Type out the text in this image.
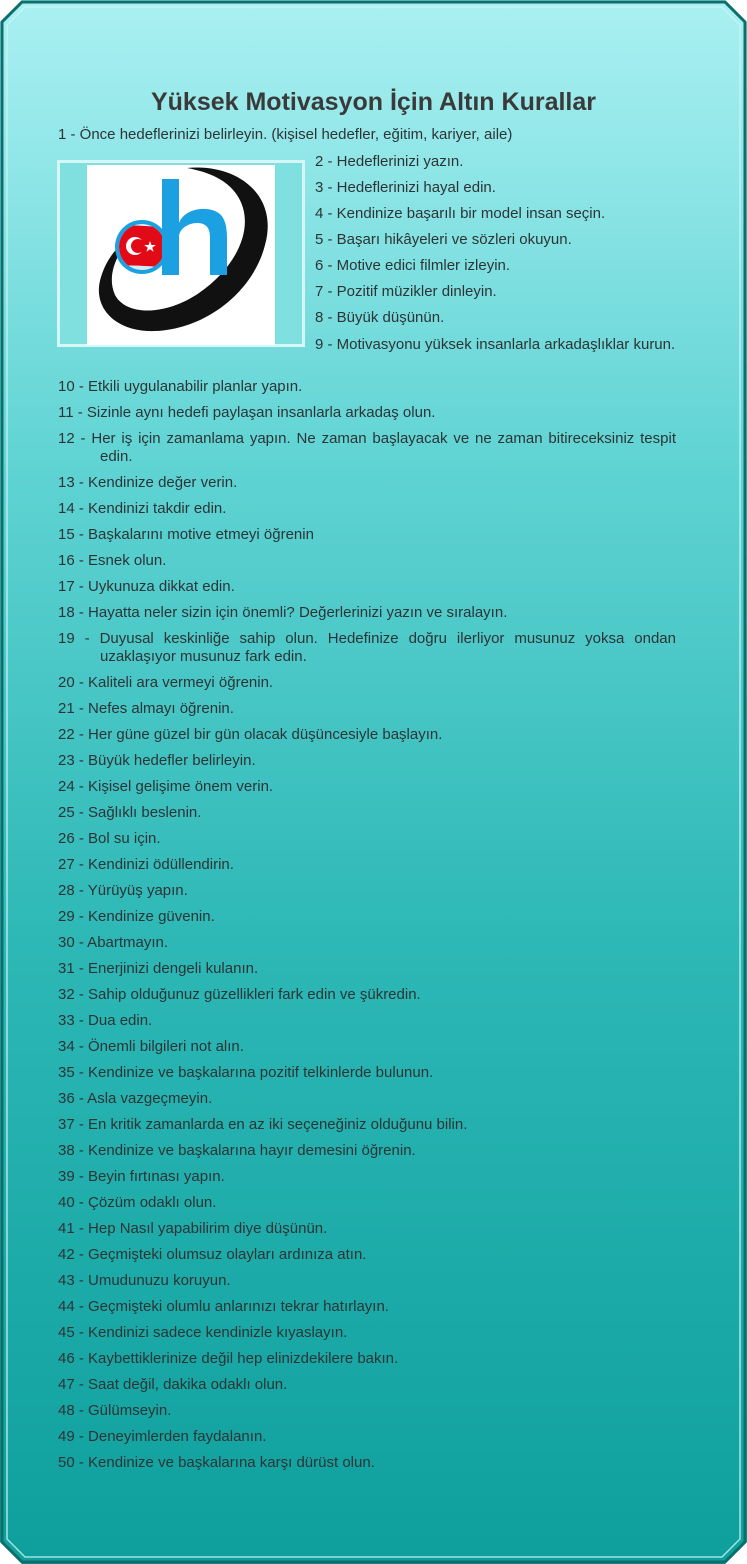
Yüksek Motivasyon İçin Altın Kurallar
1 - Önce hedeflerinizi belirleyin. (kişisel hedefler, eğitim, kariyer, aile)
2 - Hedeflerinizi yazın.
3 - Hedeflerinizi hayal edin.
4 - Kendinize başarılı bir model insan seçin.
5 - Başarı hikâyeleri ve sözleri okuyun.
6 - Motive edici filmler izleyin.
7 - Pozitif müzikler dinleyin.
8 - Büyük düşünün.
9 - Motivasyonu yüksek insanlarla arkadaşlıklar kurun.
10 - Etkili uygulanabilir planlar yapın.
11 - Sizinle aynı hedefi paylaşan insanlarla arkadaş olun.
12 - Her iş için zamanlama yapın. Ne zaman başlayacak ve ne zaman bitireceksiniz tespit edin.
13 - Kendinize değer verin.
14 - Kendinizi takdir edin.
15 - Başkalarını motive etmeyi öğrenin
16 - Esnek olun.
17 - Uykunuza dikkat edin.
18 - Hayatta neler sizin için önemli? Değerlerinizi yazın ve sıralayın.
19 - Duyusal keskinliğe sahip olun. Hedefinize doğru ilerliyor musunuz yoksa ondan uzaklaşıyor musunuz fark edin.
20 - Kaliteli ara vermeyi öğrenin.
21 - Nefes almayı öğrenin.
22 - Her güne güzel bir gün olacak düşüncesiyle başlayın.
23 - Büyük hedefler belirleyin.
24 - Kişisel gelişime önem verin.
25 - Sağlıklı beslenin.
26 - Bol su için.
27 - Kendinizi ödüllendirin.
28 - Yürüyüş yapın.
29 - Kendinize güvenin.
30 - Abartmayın.
31 - Enerjinizi dengeli kulanın.
32 - Sahip olduğunuz güzellikleri fark edin ve şükredin.
33 - Dua edin.
34 - Önemli bilgileri not alın.
35 - Kendinize ve başkalarına pozitif telkinlerde bulunun.
36 - Asla vazgeçmeyin.
37 - En kritik zamanlarda en az iki seçeneğiniz olduğunu bilin.
38 - Kendinize ve başkalarına hayır demesini öğrenin.
39 - Beyin fırtınası yapın.
40 - Çözüm odaklı olun.
41 - Hep Nasıl yapabilirim diye düşünün.
42 - Geçmişteki olumsuz olayları ardınıza atın.
43 - Umudunuzu koruyun.
44 - Geçmişteki olumlu anlarınızı tekrar hatırlayın.
45 - Kendinizi sadece kendinizle kıyaslayın.
46 - Kaybettiklerinize değil hep elinizdekilere bakın.
47 - Saat değil, dakika odaklı olun.
48 - Gülümseyin.
49 - Deneyimlerden faydalanın.
50 - Kendinize ve başkalarına karşı dürüst olun.
